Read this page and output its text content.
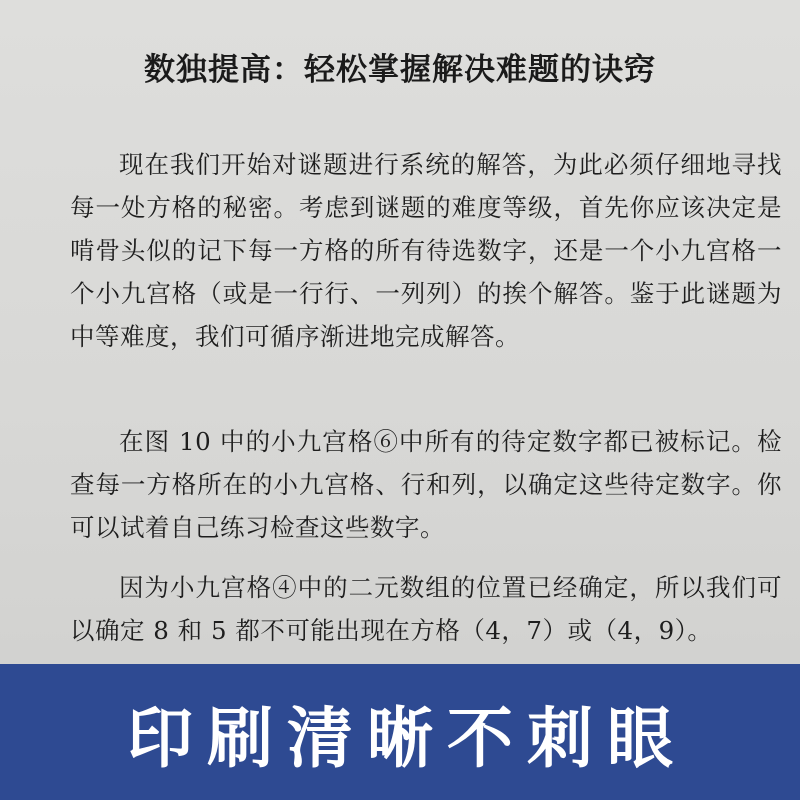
数独提高：轻松掌握解决难题的诀窍
现在我们开始对谜题进行系统的解答，为此必须仔细地寻找每一处方格的秘密。考虑到谜题的难度等级，首先你应该决定是啃骨头似的记下每一方格的所有待选数字，还是一个小九宫格一个小九宫格（或是一行行、一列列）的挨个解答。鉴于此谜题为中等难度，我们可循序渐进地完成解答。
在图 10 中的小九宫格⑥中所有的待定数字都已被标记。检查每一方格所在的小九宫格、行和列，以确定这些待定数字。你可以试着自己练习检查这些数字。
因为小九宫格④中的二元数组的位置已经确定，所以我们可以确定 8 和 5 都不可能出现在方格（4，7）或（4，9）。
印刷清晰不刺眼
